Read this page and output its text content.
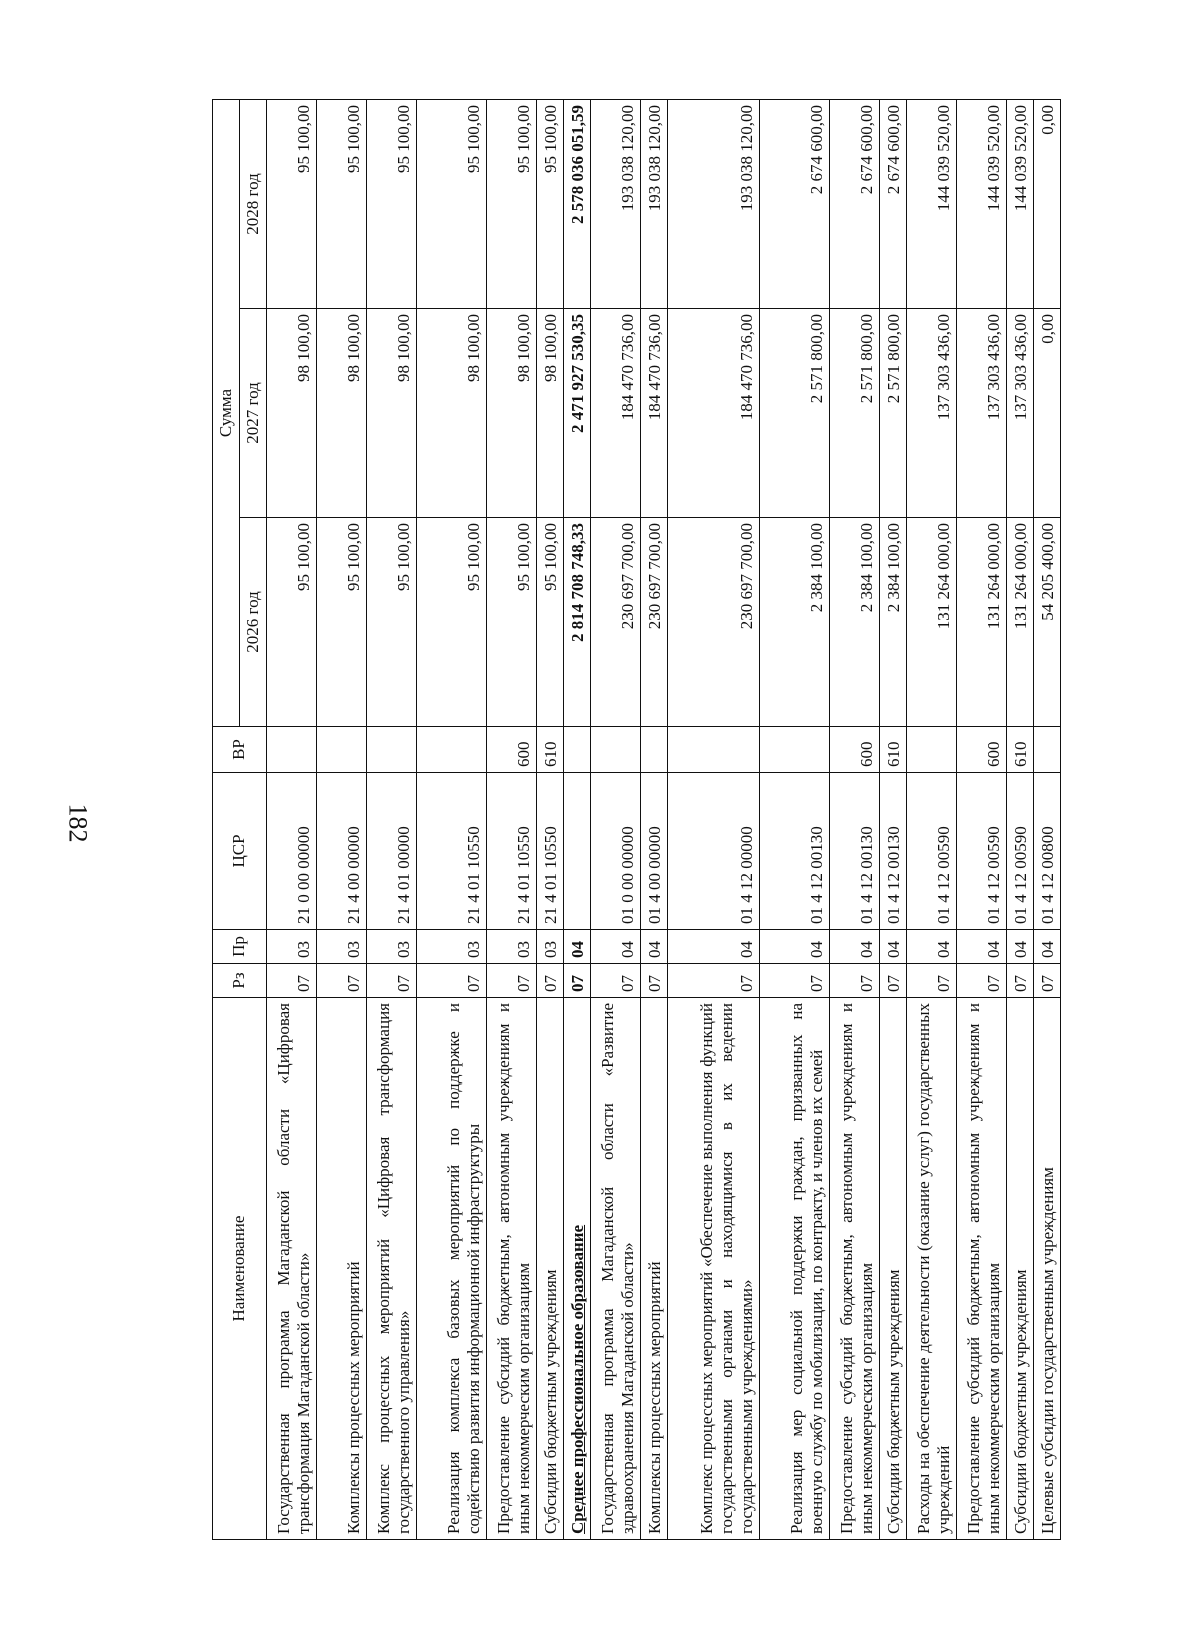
182
Наименование	Рз	Пр	ЦСР	ВР	Сумма		
					2026 год	2027 год	2028 год
Государственная программа Магаданской области «Цифровая трансформация Магаданской области»	07	03	21 0 00 00000		95 100,00	98 100,00	95 100,00
Комплексы процессных мероприятий	07	03	21 4 00 00000		95 100,00	98 100,00	95 100,00
Комплекс процессных мероприятий «Цифровая трансформация государственного управления»	07	03	21 4 01 00000		95 100,00	98 100,00	95 100,00
Реализация комплекса базовых мероприятий по поддержке и содействию развития информационной инфраструктуры	07	03	21 4 01 10550		95 100,00	98 100,00	95 100,00
Предоставление субсидий бюджетным, автономным учреждениям и иным некоммерческим организациям	07	03	21 4 01 10550	600	95 100,00	98 100,00	95 100,00
Субсидии бюджетным учреждениям	07	03	21 4 01 10550	610	95 100,00	98 100,00	95 100,00
Среднее профессиональное образование	07	04			2 814 708 748,33	2 471 927 530,35	2 578 036 051,59
Государственная программа Магаданской области «Развитие здравоохранения Магаданской области»	07	04	01 0 00 00000		230 697 700,00	184 470 736,00	193 038 120,00
Комплексы процессных мероприятий	07	04	01 4 00 00000		230 697 700,00	184 470 736,00	193 038 120,00
Комплекс процессных мероприятий «Обеспечение выполнения функций государственными органами и находящимися в их ведении государственными учреждениями»	07	04	01 4 12 00000		230 697 700,00	184 470 736,00	193 038 120,00
Реализация мер социальной поддержки граждан, призванных на военную службу по мобилизации, по контракту, и членов их семей	07	04	01 4 12 00130		2 384 100,00	2 571 800,00	2 674 600,00
Предоставление субсидий бюджетным, автономным учреждениям и иным некоммерческим организациям	07	04	01 4 12 00130	600	2 384 100,00	2 571 800,00	2 674 600,00
Субсидии бюджетным учреждениям	07	04	01 4 12 00130	610	2 384 100,00	2 571 800,00	2 674 600,00
Расходы на обеспечение деятельности (оказание услуг) государственных учреждений	07	04	01 4 12 00590		131 264 000,00	137 303 436,00	144 039 520,00
Предоставление субсидий бюджетным, автономным учреждениям и иным некоммерческим организациям	07	04	01 4 12 00590	600	131 264 000,00	137 303 436,00	144 039 520,00
Субсидии бюджетным учреждениям	07	04	01 4 12 00590	610	131 264 000,00	137 303 436,00	144 039 520,00
Целевые субсидии государственным учреждениям	07	04	01 4 12 00800		54 205 400,00	0,00	0,00
